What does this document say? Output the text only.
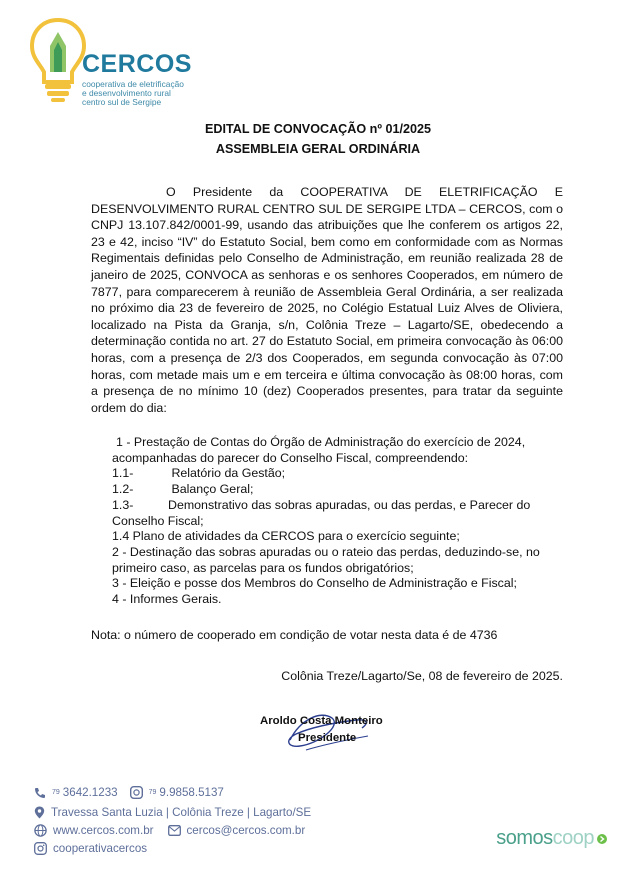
CERCOS
cooperativa de eletrificação
e desenvolvimento rural
centro sul de Sergipe
EDITAL DE CONVOCAÇÃO nº 01/2025
ASSEMBLEIA GERAL ORDINÁRIA

O Presidente da COOPERATIVA DE ELETRIFICAÇÃO E DESENVOLVIMENTO RURAL CENTRO SUL DE SERGIPE LTDA – CERCOS, com o CNPJ 13.107.842/0001-99, usando das atribuições que lhe conferem os artigos 22, 23 e 42, inciso “IV” do Estatuto Social, bem como em conformidade com as Normas Regimentais definidas pelo Conselho de Administração, em reunião realizada 28 de janeiro de 2025, CONVOCA as senhoras e os senhores Cooperados, em número de 7877, para comparecerem à reunião de Assembleia Geral Ordinária, a ser realizada no próximo dia 23 de fevereiro de 2025, no Colégio Estatual Luiz Alves de Oliviera, localizado na Pista da Granja, s/n, Colônia Treze – Lagarto/SE, obedecendo a determinação contida no art. 27 do Estatuto Social, em primeira convocação às 06:00 horas, com a presença de 2/3 dos Cooperados, em segunda convocação às 07:00 horas, com metade mais um e em terceira e última convocação às 08:00 horas, com a presença de no mínimo 10 (dez) Cooperados presentes, para tratar da seguinte ordem do dia:

1 - Prestação de Contas do Órgão de Administração do exercício de 2024, acompanhadas do parecer do Conselho Fiscal, compreendendo:
1.1-	Relatório da Gestão;
1.2-	Balanço Geral;
1.3-	Demonstrativo das sobras apuradas, ou das perdas, e Parecer do Conselho Fiscal;
1.4 Plano de atividades da CERCOS para o exercício seguinte;
2 - Destinação das sobras apuradas ou o rateio das perdas, deduzindo-se, no primeiro caso, as parcelas para os fundos obrigatórios;
3 - Eleição e posse dos Membros do Conselho de Administração e Fiscal;
4 - Informes Gerais.
Nota: o número de cooperado em condição de votar nesta data é de 4736
Colônia Treze/Lagarto/Se, 08 de fevereiro de 2025.
Aroldo Costa Monteiro
Presidente
79 3642.1233	79 9.9858.5137
Travessa Santa Luzia | Colônia Treze | Lagarto/SE
www.cercos.com.br	cercos@cercos.com.br
cooperativacercos	somoscoop
